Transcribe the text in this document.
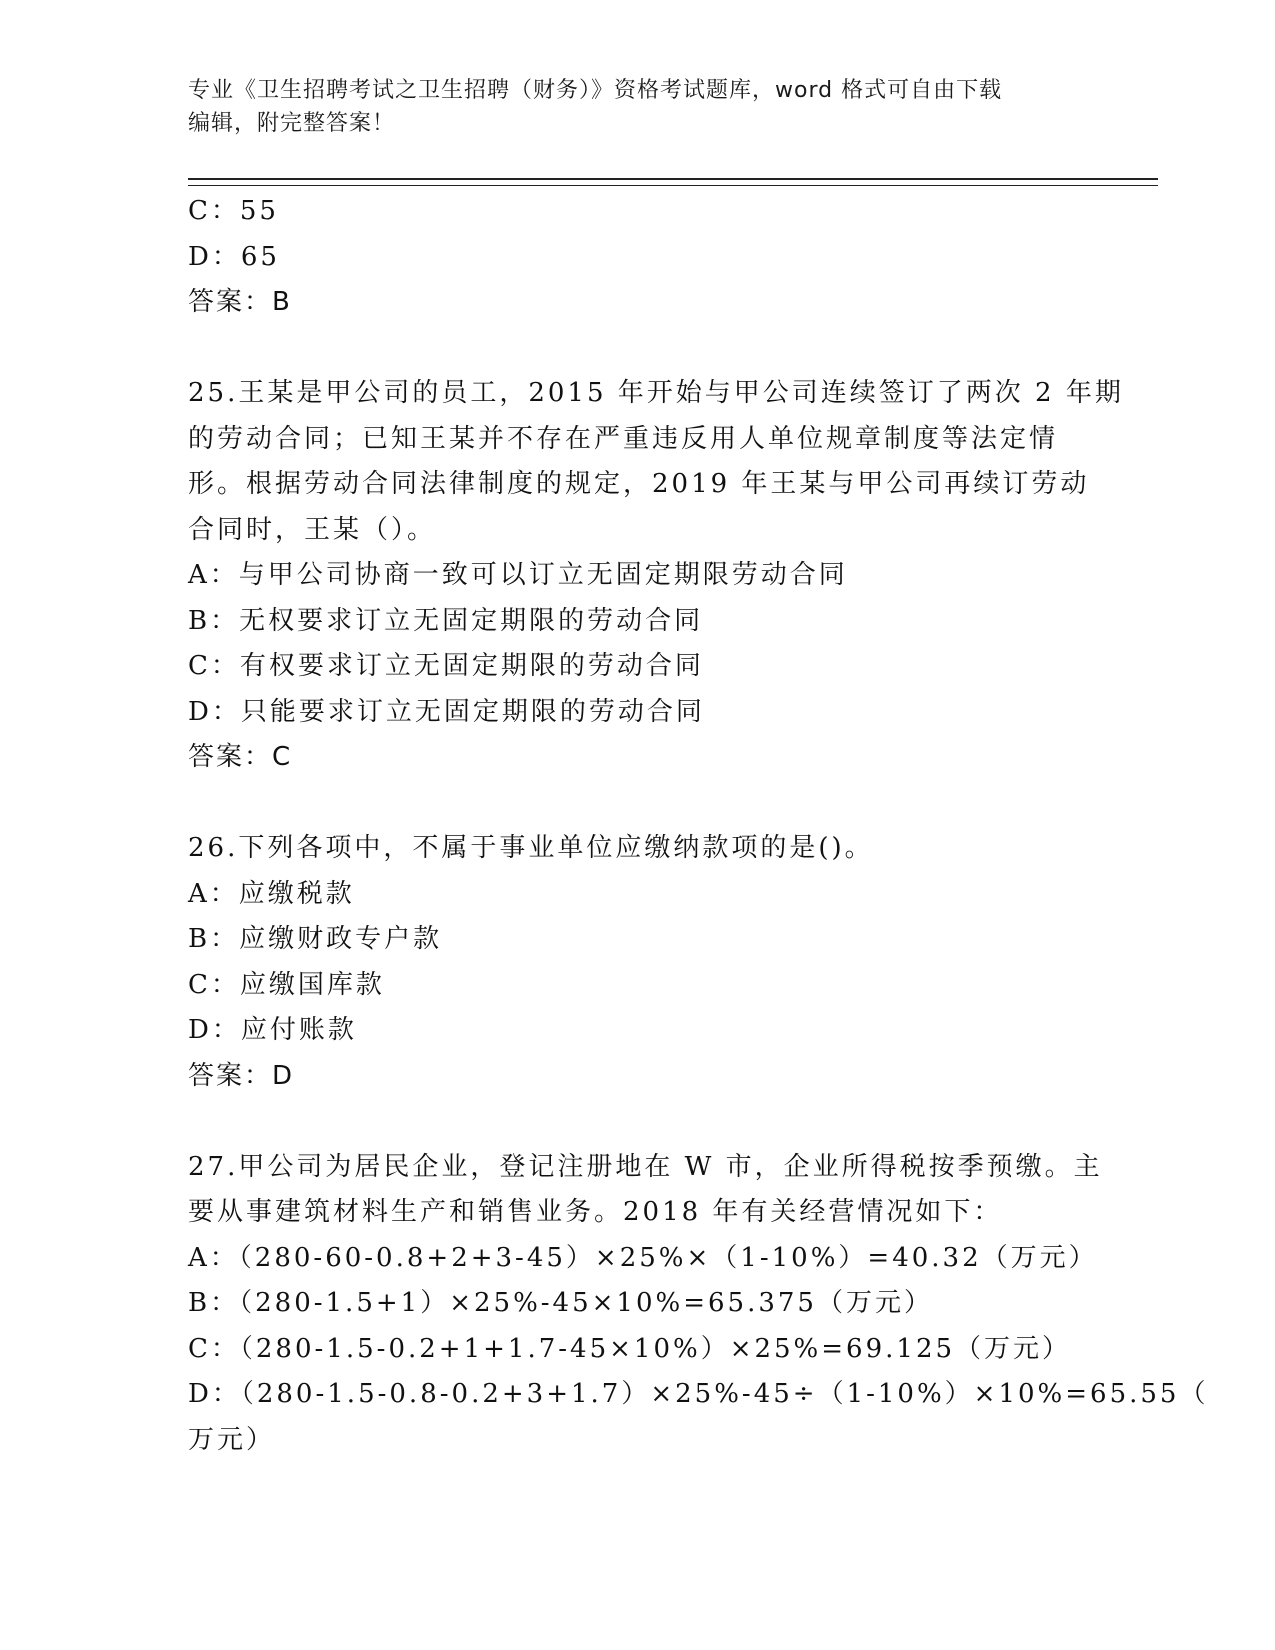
专业《卫生招聘考试之卫生招聘（财务）》资格考试题库，word 格式可自由下载
编辑，附完整答案！
C：55
D：65
答案：B
25.王某是甲公司的员工，2015 年开始与甲公司连续签订了两次 2 年期
的劳动合同；已知王某并不存在严重违反用人单位规章制度等法定情
形。根据劳动合同法律制度的规定，2019 年王某与甲公司再续订劳动
合同时，王某（）。
A：与甲公司协商一致可以订立无固定期限劳动合同
B：无权要求订立无固定期限的劳动合同
C：有权要求订立无固定期限的劳动合同
D：只能要求订立无固定期限的劳动合同
答案：C
26.下列各项中，不属于事业单位应缴纳款项的是()。
A：应缴税款
B：应缴财政专户款
C：应缴国库款
D：应付账款
答案：D
27.甲公司为居民企业，登记注册地在 W 市，企业所得税按季预缴。主
要从事建筑材料生产和销售业务。2018 年有关经营情况如下：
A：（280-60-0.8+2+3-45）×25%×（1-10%）=40.32（万元）
B：（280-1.5+1）×25%-45×10%=65.375（万元）
C：（280-1.5-0.2+1+1.7-45×10%）×25%=69.125（万元）
D：（280-1.5-0.8-0.2+3+1.7）×25%-45÷（1-10%）×10%=65.55（
万元）
